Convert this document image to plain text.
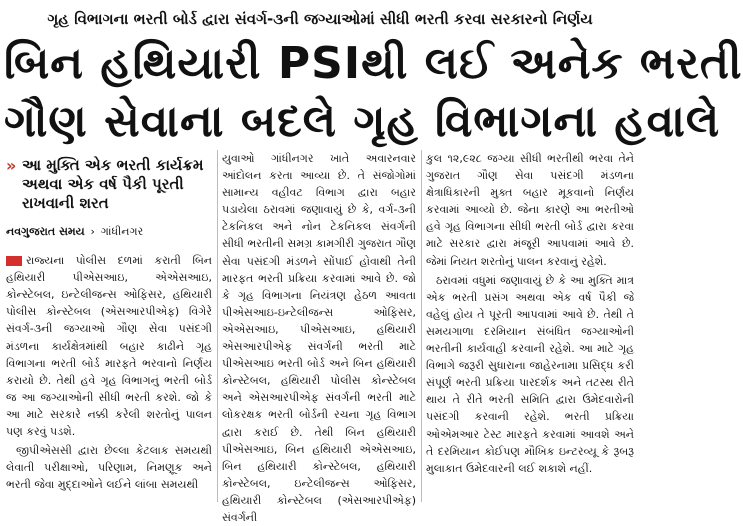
ગૃહ વિભાગના ભરતી બોર્ડ દ્વારા સંવર્ગ-૩ની જગ્યાઓમાં સીધી ભરતી કરવા સરકારનો નિર્ણય
બિન હથિયારી PSIથી લઈ અનેક ભરતી
ગૌણ સેવાના બદલે ગૃહ વિભાગના હવાલે
» આ મુક્તિ એક ભરતી કાર્યક્રમ અથવા એક વર્ષ પૈકી પૂરતી રાખવાની શરત
નવગુજરાત સમય › ગાંધીનગર
રાજ્યના પોલીસ દળમાં કરાતી બિન હથિયારી પીએસઆઇ, એએસઆઇ, કોન્સ્ટેબલ, ઇન્ટેલીજન્સ ઓફિસર, હથિયારી પોલીસ કોન્સ્ટેબલ (એસઆરપીએફ) વિગેરે સંવર્ગ-૩ની જગ્યાઓ ગૌણ સેવા પસંદગી મંડળના કાર્યક્ષેત્રમાંથી બહાર કાઢીને ગૃહ વિભાગના ભરતી બોર્ડ મારફતે ભરવાનો નિર્ણય કરાયો છે. તેથી હવે ગૃહ વિભાગનું ભરતી બોર્ડ જ આ જગ્યાઓની સીધી ભરતી કરશે. જો કે આ માટે સરકારે નક્કી કરેલી શરતોનું પાલન પણ કરવું પડશે.

જીપીએસસી દ્વારા છેલ્લા કેટલાક સમયથી લેવાતી પરીક્ષાઓ, પરિણામ, નિમણૂક અને ભરતી જેવા મુદ્દાઓને લઈને લાંબા સમયથી

યુવાઓ ગાંધીનગર ખાતે અવારનવાર આંદોલન કરતા આવ્યા છે. તે સંજોગોમાં સામાન્ય વહીવટ વિભાગ દ્વારા બહાર પડાયેલા ઠરાવમાં જણાવાયું છે કે, વર્ગ-૩ની ટેકનિકલ અને નોન ટેકનિકલ સંવર્ગની સીધી ભરતીની સમગ્ર કામગીરી ગુજરાત ગૌણ સેવા પસંદગી મંડળને સોંપાઈ હોવાથી તેની મારફત ભરતી પ્રક્રિયા કરવામાં આવે છે. જો કે ગૃહ વિભાગના નિયંત્રણ હેઠળ આવતા પીએસઆઇ-ઇન્ટેલીજન્સ ઓફિસર, એએસઆઇ, પીએસઆઇ, હથિયારી એસઆરપીએફ સંવર્ગની ભરતી માટે પીએસઆઇ ભરતી બોર્ડ અને બિન હથિયારી કોન્સ્ટેબલ, હથિયારી પોલીસ કોન્સ્ટેબલ અને એસઆરપીએફ સંવર્ગની ભરતી માટે લોકરક્ષક ભરતી બોર્ડની રચના ગૃહ વિભાગ દ્વારા કરાઈ છે. તેથી બિન હથિયારી પીએસઆઇ, બિન હથિયારી એએસઆઇ, બિન હથિયારી કોન્સ્ટેબલ, હથિયારી કોન્સ્ટેબલ, ઇન્ટેલીજન્સ ઓફિસર, હથિયારી કોન્સ્ટેબલ (એસઆરપીએફ) સંવર્ગની

કુલ ૧૨,૯૨૮ જગ્યા સીધી ભરતીથી ભરવા તેને ગુજરાત ગૌણ સેવા પસંદગી મંડળના ક્ષેત્રાધિકારની મુક્ત બહાર મૂકવાનો નિર્ણય કરવામાં આવ્યો છે. જેના કારણે આ ભરતીઓ હવે ગૃહ વિભાગના સીધી ભરતી બોર્ડ દ્વારા કરવા માટે સરકાર દ્વારા મંજૂરી આપવામાં આવે છે. જેમાં નિયત શરતોનું પાલન કરવાનું રહેશે.

ઠરાવમાં વધુમાં જણાવાયું છે કે આ મુક્તિ માત્ર એક ભરતી પ્રસંગ અથવા એક વર્ષ પૈકી જે વહેલું હોય તે પૂરતી આપવામાં આવે છે. તેથી તે સમયગાળા દરમિયાન સંબંધિત જગ્યાઓની ભરતીની કાર્યવાહી કરવાની રહેશે. આ માટે ગૃહ વિભાગે જરૂરી સુધારાના જાહેરનામા પ્રસિદ્ધ કરી સંપૂર્ણ ભરતી પ્રક્રિયા પારદર્શક અને તટસ્થ રીતે થાય તે રીતે ભરતી સમિતિ દ્વારા ઉમેદવારોની પસંદગી કરવાની રહેશે. ભરતી પ્રક્રિયા ઓએમઆર ટેસ્ટ મારફતે કરવામાં આવશે અને તે દરમિયાન કોઈપણ મૌખિક ઇન્ટરવ્યૂ કે રૂબરૂ મુલાકાત ઉમેદવારની લઈ શકાશે નહીં.
